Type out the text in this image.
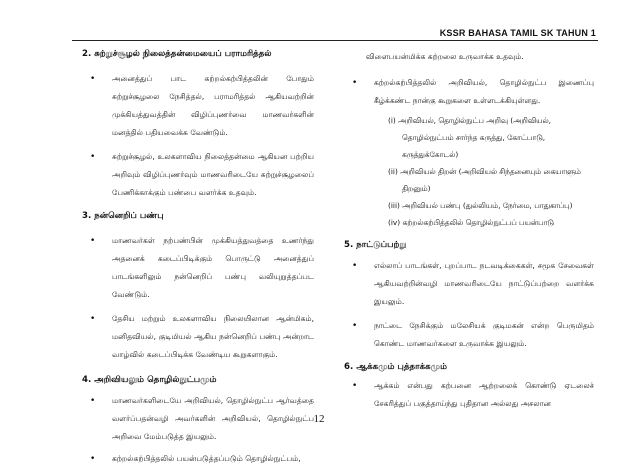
KSSR BAHASA TAMIL SK TAHUN 1

2. சுற்றுச்சூழல் நிலைத்தன்மையைப் பராமரித்தல்

• அனைத்துப் பாட கற்றல்கற்பித்தலின் போதும் சுற்றுச்சூழலை நேசித்தல், பராமரித்தல் ஆகியவற்றின் முக்கியத்துவத்தின் விழிப்புணர்வை மாணவர்களின் மனத்தில் பதியவைக்க வேண்டும்.

• சுற்றுச்சூழல், உலகளாவிய நிலைத்தன்மை ஆகியன பற்றிய அறிவும் விழிப்புணர்வும் மாணவரிடையே சுற்றுச்சூழலைப் பேணிக்காக்கும் பண்பை வளர்க்க உதவும்.

3. நன்னெறிப் பண்பு

• மாணவர்கள் நற்பண்பின் முக்கியத்துவத்தை உணர்ந்து அதனைக் கடைப்பிடிக்கும் பொருட்டு அனைத்துப் பாடங்களிலும் நன்னெறிப் பண்பு வலியுறுத்தப்பட வேண்டும்.

• தேசிய மற்றும் உலகளாவிய நிலையிலான ஆன்மிகம், மனிதவியல், குடிமியல் ஆகிய நன்னெறிப் பண்பு அன்றாட வாழ்வில் கடைப்பிடிக்க வேண்டிய கூறுகளாகும்.

4. அறிவியலும் தொழில்நுட்பமும்

• மாணவர்களிடையே அறிவியல், தொழில்நுட்ப ஆர்வத்தை வளர்ப்பதன்வழி அவர்களின் அறிவியல், தொழில்நுட்ப அறிவை மேம்படுத்த இயலும்.

• கற்றல்கற்பித்தலில் பயன்படுத்தப்படும் தொழில்நுட்பம்,

விளைபயன்மிக்க கற்றலை உருவாக்க உதவும்.

• கற்றல்கற்பித்தலில் அறிவியல், தொழில்நுட்ப இணைப்பு கீழ்க்கண்ட நான்கு கூறுகளை உள்ளடக்கியுள்ளது.

(i) அறிவியல், தொழில்நுட்ப அறிவு (அறிவியல்,

தொழில்நுட்பம் சார்ந்த கருத்து, கோட்பாடு,

கருத்துக்கோடல்)

(ii) அறிவியல் திறன் (அறிவியல் சிந்தனையும் கையாளும்

திறனும்)

(iii) அறிவியல் பண்பு (துல்லியம், நேர்மை, பாதுகாப்பு)

(iv) கற்றல்கற்பித்தலில் தொழில்நுட்பப் பயன்பாடு

5. நாட்டுப்பற்று

• எல்லாப் பாடங்கள், புறப்பாட நடவடிக்கைகள், சமூக சேவைகள் ஆகியவற்றின்வழி மாணவரிடையே நாட்டுப்பற்றை வளர்க்க இயலும்.

• நாட்டை நேசிக்கும் மலேசியக் குடிமகன் என்ற பெருமிதம் கொண்ட மாணவர்களை உருவாக்க இயலும்.

6. ஆக்கமும் புத்தாக்கமும்

• ஆக்கம் என்பது கற்பனை ஆற்றலைக் கொண்டு ஏடலைச் சேகரித்துப் பகுத்தாய்ந்து புதிதான அல்லது அசலான

12
